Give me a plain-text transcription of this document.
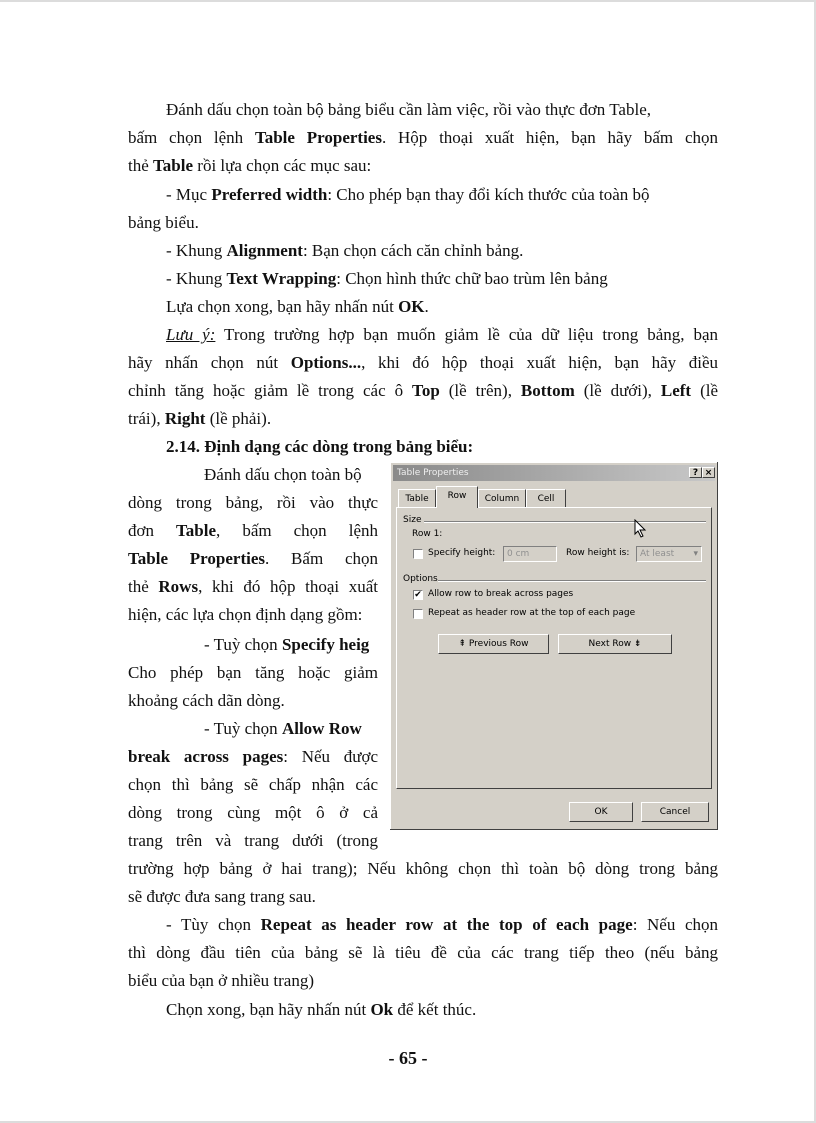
Đánh dấu chọn toàn bộ bảng biểu cần làm việc, rồi vào thực đơn Table,
bấm chọn lệnh Table Properties. Hộp thoại xuất hiện, bạn hãy bấm chọn
thẻ Table rồi lựa chọn các mục sau:
- Mục Preferred width: Cho phép bạn thay đổi kích thước của toàn bộ
bảng biểu.
- Khung Alignment: Bạn chọn cách căn chỉnh bảng.
- Khung Text Wrapping: Chọn hình thức chữ bao trùm lên bảng
Lựa chọn xong, bạn hãy nhấn nút OK.
Lưu ý: Trong trường hợp bạn muốn giảm lề của dữ liệu trong bảng, bạn
hãy nhấn chọn nút Options..., khi đó hộp thoại xuất hiện, bạn hãy điều
chỉnh tăng hoặc giảm lề trong các ô Top (lề trên), Bottom (lề dưới), Left (lề
trái), Right (lề phải).
2.14. Định dạng các dòng trong bảng biểu:
Đánh dấu chọn toàn bộ
dòng trong bảng, rồi vào thực
đơn Table, bấm chọn lệnh
Table Properties. Bấm chọn
thẻ Rows, khi đó hộp thoại xuất
hiện, các lựa chọn định dạng gồm:
- Tuỳ chọn Specify heig
Cho phép bạn tăng hoặc giảm
khoảng cách dãn dòng.
- Tuỳ chọn Allow Row
break across pages: Nếu được
chọn thì bảng sẽ chấp nhận các
dòng trong cùng một ô ở cả
trang trên và trang dưới (trong
trường hợp bảng ở hai trang); Nếu không chọn thì toàn bộ dòng trong bảng
sẽ được đưa sang trang sau.
- Tùy chọn Repeat as header row at the top of each page: Nếu chọn
thì dòng đầu tiên của bảng sẽ là tiêu đề của các trang tiếp theo (nếu bảng
biểu của bạn ở nhiều trang)
Chọn xong, bạn hãy nhấn nút Ok để kết thúc.
- 65 -
Table Properties	? ×
Table	Row	Column	Cell
Size
Row 1:
Specify height:	0 cm	Row height is:	At least ▾
Options
✔ Allow row to break across pages
Repeat as header row at the top of each page
⇞ Previous Row	Next Row ⇟
OK	Cancel
